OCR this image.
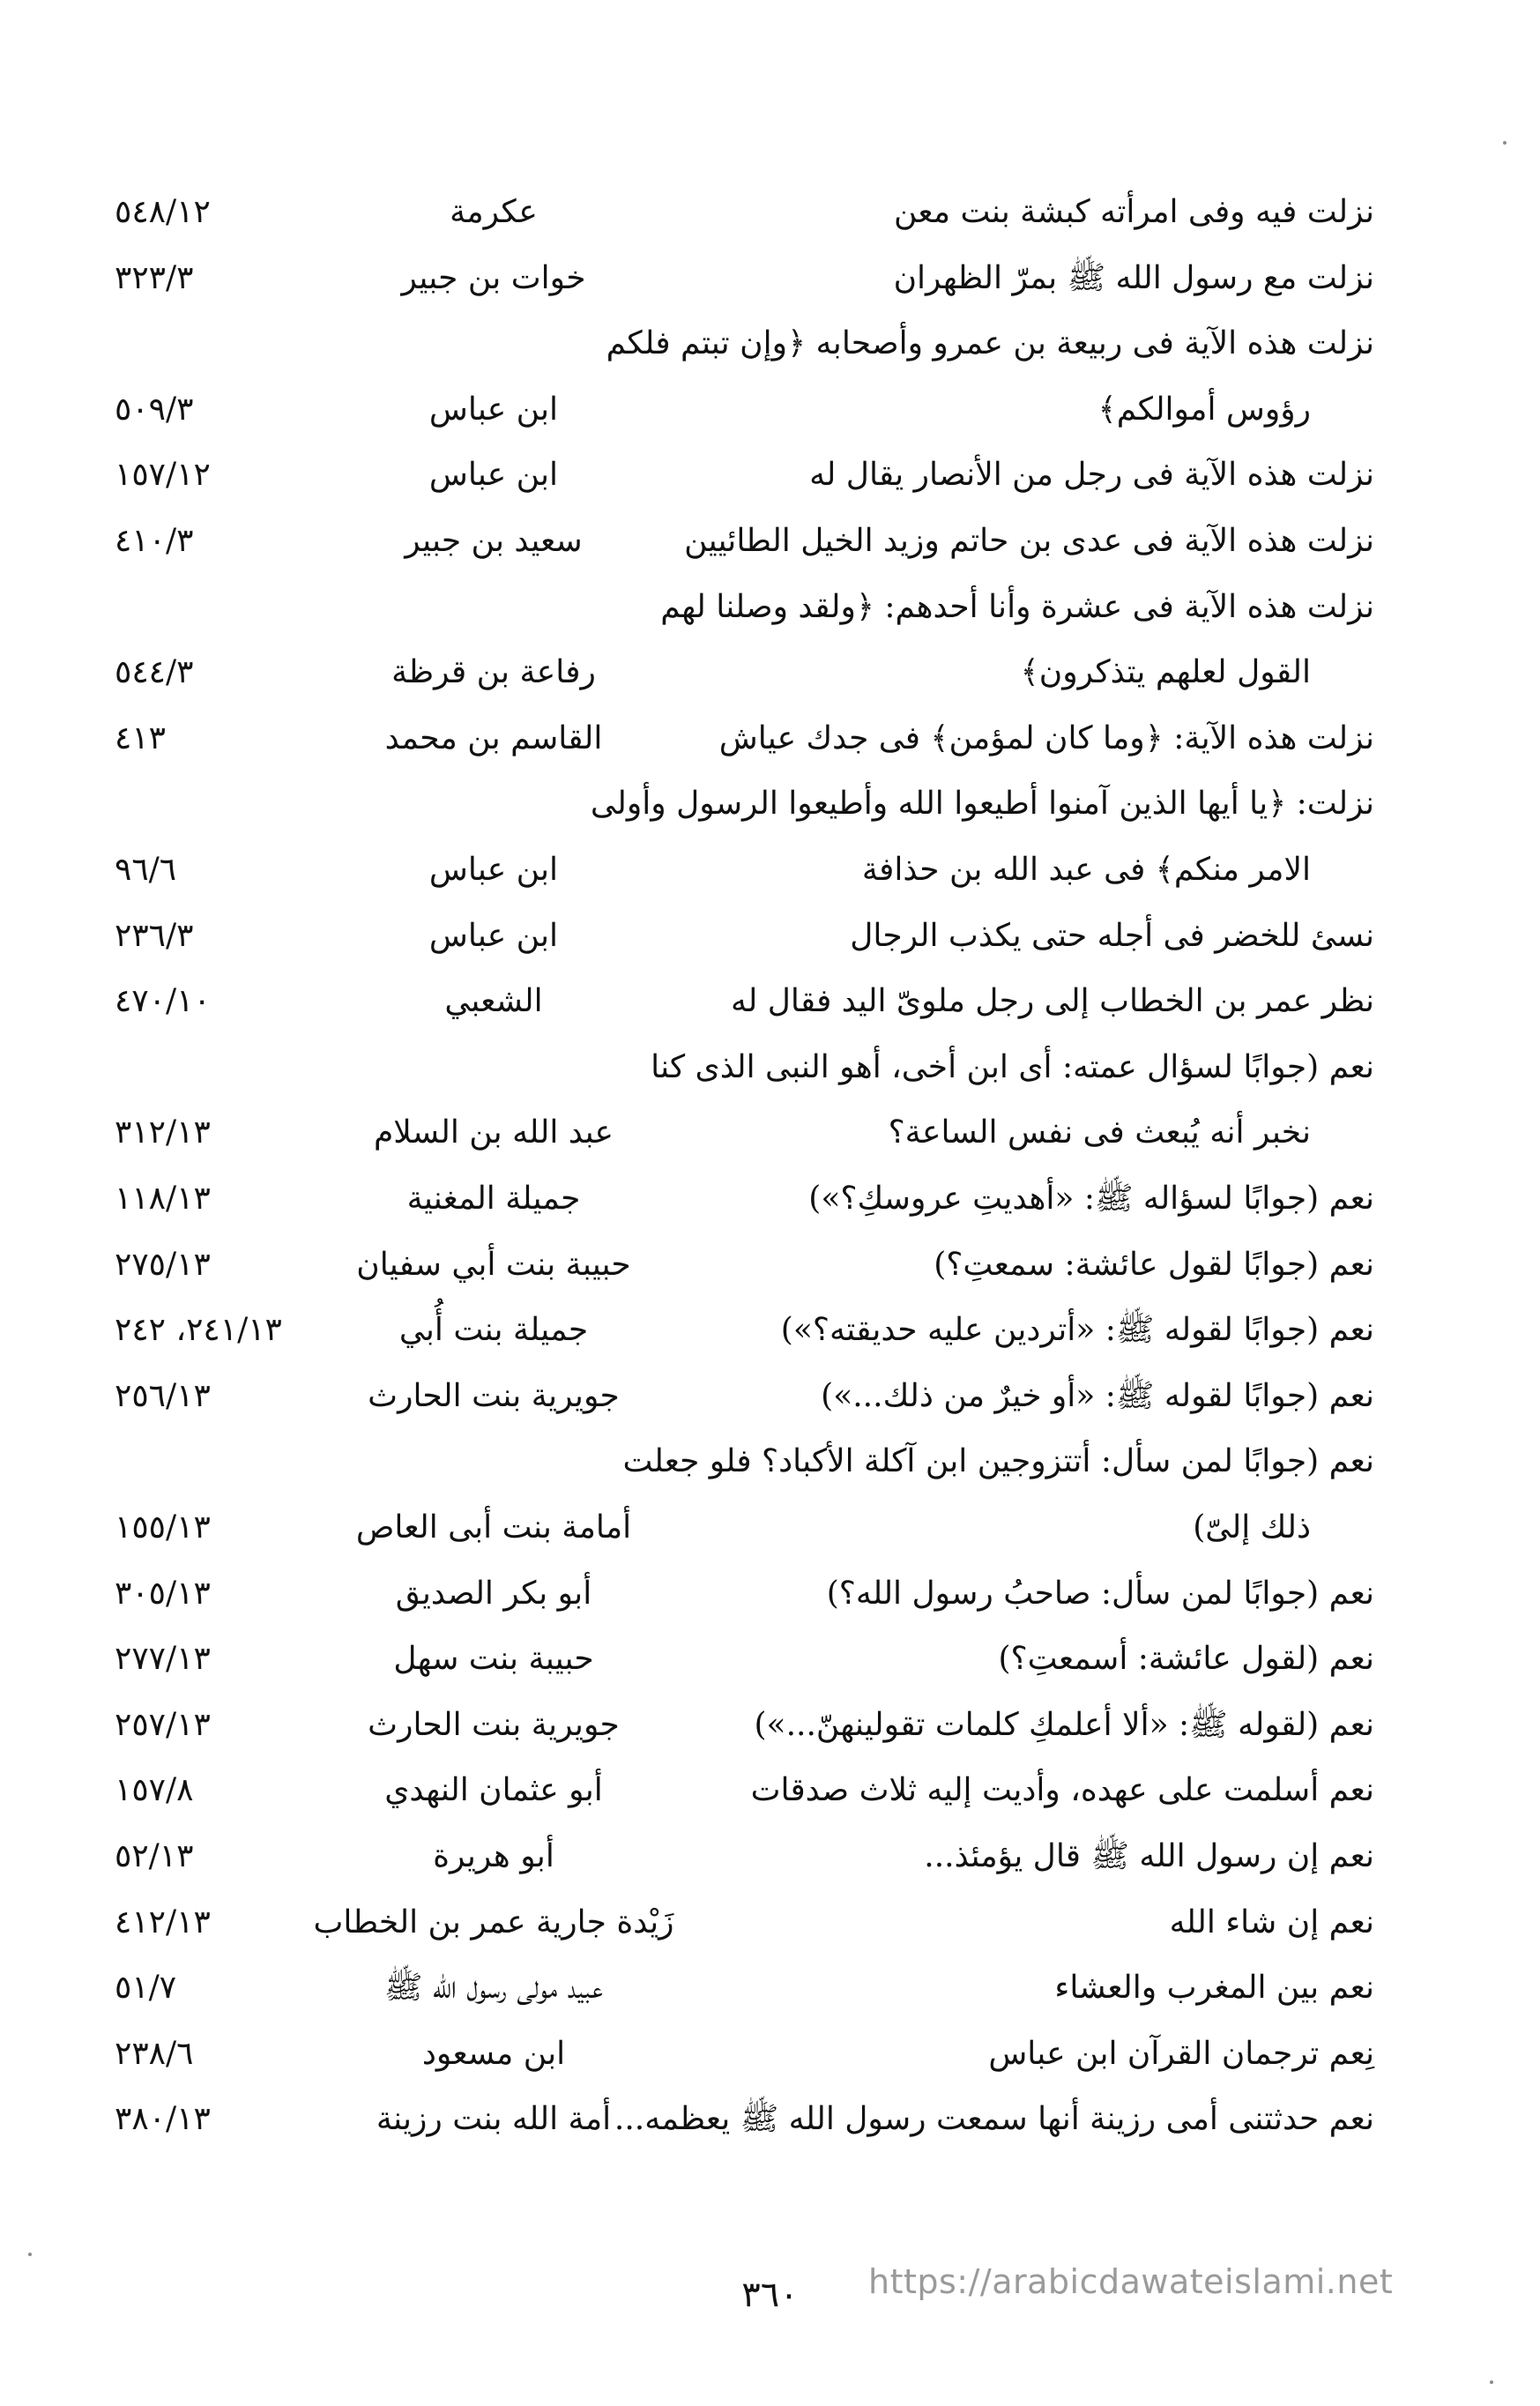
نزلت فيه وفى امرأته كبشة بنت معن
عكرمة
٥٤٨/١٢
نزلت مع رسول الله ﷺ بمرّ الظهران
خوات بن جبير
٣٢٣/٣
نزلت هذه الآية فى ربيعة بن عمرو وأصحابه ﴿وإن تبتم فلكم
رؤوس أموالكم﴾
ابن عباس
٥٠٩/٣
نزلت هذه الآية فى رجل من الأنصار يقال له
ابن عباس
١٥٧/١٢
نزلت هذه الآية فى عدى بن حاتم وزيد الخيل الطائيين
سعيد بن جبير
٤١٠/٣
نزلت هذه الآية فى عشرة وأنا أحدهم: ﴿ولقد وصلنا لهم
القول لعلهم يتذكرون﴾
رفاعة بن قرظة
٥٤٤/٣
نزلت هذه الآية: ﴿وما كان لمؤمن﴾ فى جدك عياش
القاسم بن محمد
٤١٣
نزلت: ﴿يا أيها الذين آمنوا أطيعوا الله وأطيعوا الرسول وأولى
الامر منكم﴾ فى عبد الله بن حذافة
ابن عباس
٩٦/٦
نسئ للخضر فى أجله حتى يكذب الرجال
ابن عباس
٢٣٦/٣
نظر عمر بن الخطاب إلى رجل ملوىّ اليد فقال له
الشعبي
٤٧٠/١٠
نعم (جوابًا لسؤال عمته: أى ابن أخى، أهو النبى الذى كنا
نخبر أنه يُبعث فى نفس الساعة؟
عبد الله بن السلام
٣١٢/١٣
نعم (جوابًا لسؤاله ﷺ: «أهديتِ عروسكِ؟»)
جميلة المغنية
١١٨/١٣
نعم (جوابًا لقول عائشة: سمعتِ؟)
حبيبة بنت أبي سفيان
٢٧٥/١٣
نعم (جوابًا لقوله ﷺ: «أتردين عليه حديقته؟»)
جميلة بنت أُبي
٢٤١/١٣، ٢٤٢
نعم (جوابًا لقوله ﷺ: «أو خيرٌ من ذلك...»)
جويرية بنت الحارث
٢٥٦/١٣
نعم (جوابًا لمن سأل: أتتزوجين ابن آكلة الأكباد؟ فلو جعلت
ذلك إلىّ)
أمامة بنت أبى العاص
١٥٥/١٣
نعم (جوابًا لمن سأل: صاحبُ رسول الله؟)
أبو بكر الصديق
٣٠٥/١٣
نعم (لقول عائشة: أسمعتِ؟)
حبيبة بنت سهل
٢٧٧/١٣
نعم (لقوله ﷺ: «ألا أعلمكِ كلمات تقولينهنّ...»)
جويرية بنت الحارث
٢٥٧/١٣
نعم أسلمت على عهده، وأديت إليه ثلاث صدقات
أبو عثمان النهدي
١٥٧/٨
نعم إن رسول الله ﷺ قال يؤمئذ...
أبو هريرة
٥٢/١٣
نعم إن شاء الله
زَيْدة جارية عمر بن الخطاب
٤١٢/١٣
نعم بين المغرب والعشاء
عبيد مولى رسول الله ﷺ
٥١/٧
نِعم ترجمان القرآن ابن عباس
ابن مسعود
٢٣٨/٦
نعم حدثتنى أمى رزينة أنها سمعت رسول الله ﷺ يعظمه...
أمة الله بنت رزينة
٣٨٠/١٣
٣٦٠	https://arabicdawateislami.net
